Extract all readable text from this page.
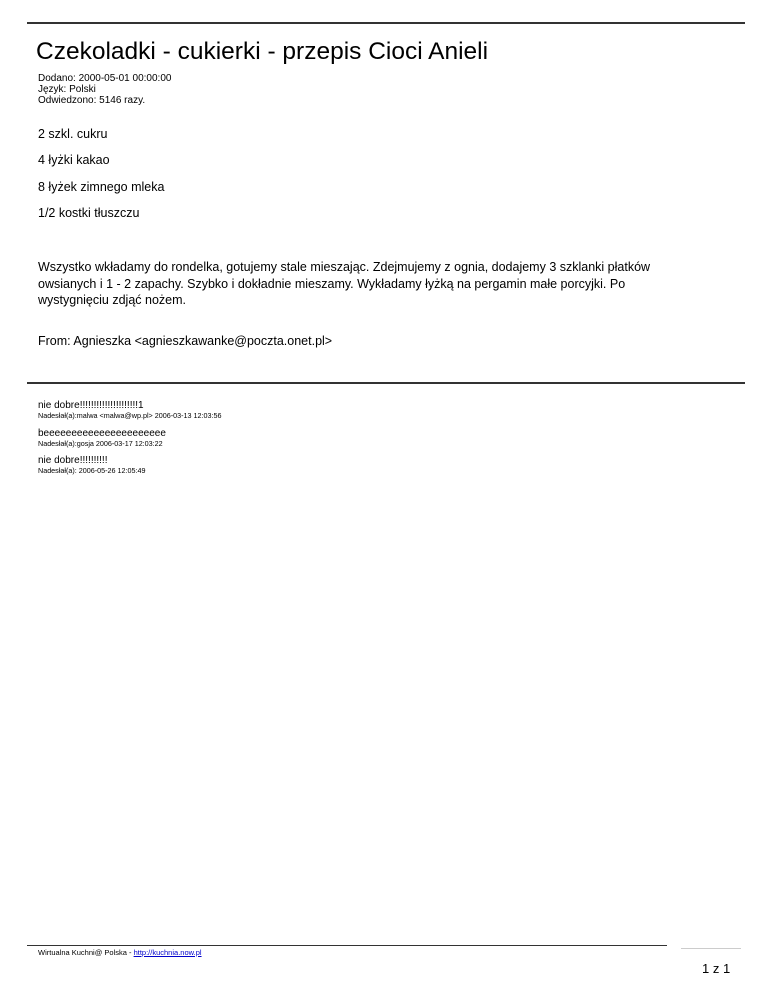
Czekoladki - cukierki - przepis Cioci Anieli
Dodano: 2000-05-01 00:00:00
Język: Polski
Odwiedzono: 5146 razy.
2 szkl. cukru
4 łyżki kakao
8 łyżek zimnego mleka
1/2 kostki tłuszczu
Wszystko wkładamy do rondelka, gotujemy stale mieszając. Zdejmujemy z ognia, dodajemy 3 szklanki płatków owsianych i 1 - 2 zapachy. Szybko i dokładnie mieszamy. Wykładamy łyżką na pergamin małe porcyjki. Po wystygnięciu zdjąć nożem.
From: Agnieszka <agnieszkawanke@poczta.onet.pl>
nie dobre!!!!!!!!!!!!!!!!!!!!!1
Nadesłał(a):malwa <malwa@wp.pl> 2006-03-13 12:03:56
beeeeeeeeeeeeeeeeeeeeee
Nadesłał(a):gosja 2006-03-17 12:03:22
nie dobre!!!!!!!!!!
Nadesłał(a): 2006-05-26 12:05:49
Wirtualna Kuchni@ Polska - http://kuchnia.now.pl
1 z 1
